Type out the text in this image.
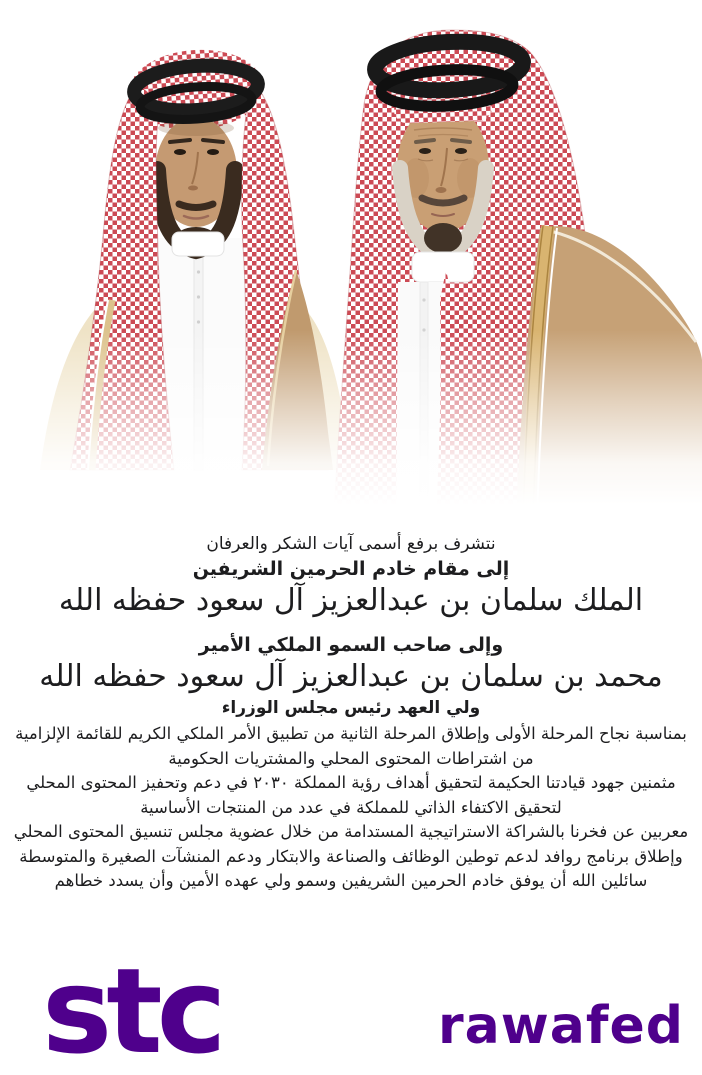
نتشرف برفع أسمى آيات الشكر والعرفان
إلى مقام خادم الحرمين الشريفين
الملك سلمان بن عبدالعزيز آل سعود حفظه الله
وإلى صاحب السمو الملكي الأمير
محمد بن سلمان بن عبدالعزيز آل سعود حفظه الله
ولي العهد رئيس مجلس الوزراء
بمناسبة نجاح المرحلة الأولى وإطلاق المرحلة الثانية من تطبيق الأمر الملكي الكريم للقائمة الإلزامية
من اشتراطات المحتوى المحلي والمشتريات الحكومية
مثمنين جهود قيادتنا الحكيمة لتحقيق أهداف رؤية المملكة ٢٠٣٠ في دعم وتحفيز المحتوى المحلي
لتحقيق الاكتفاء الذاتي للمملكة في عدد من المنتجات الأساسية
معربين عن فخرنا بالشراكة الاستراتيجية المستدامة من خلال عضوية مجلس تنسيق المحتوى المحلي
وإطلاق برنامج روافد لدعم توطين الوظائف والصناعة والابتكار ودعم المنشآت الصغيرة والمتوسطة
سائلين الله أن يوفق خادم الحرمين الشريفين وسمو ولي عهده الأمين وأن يسدد خطاهم
stc	rawafed
